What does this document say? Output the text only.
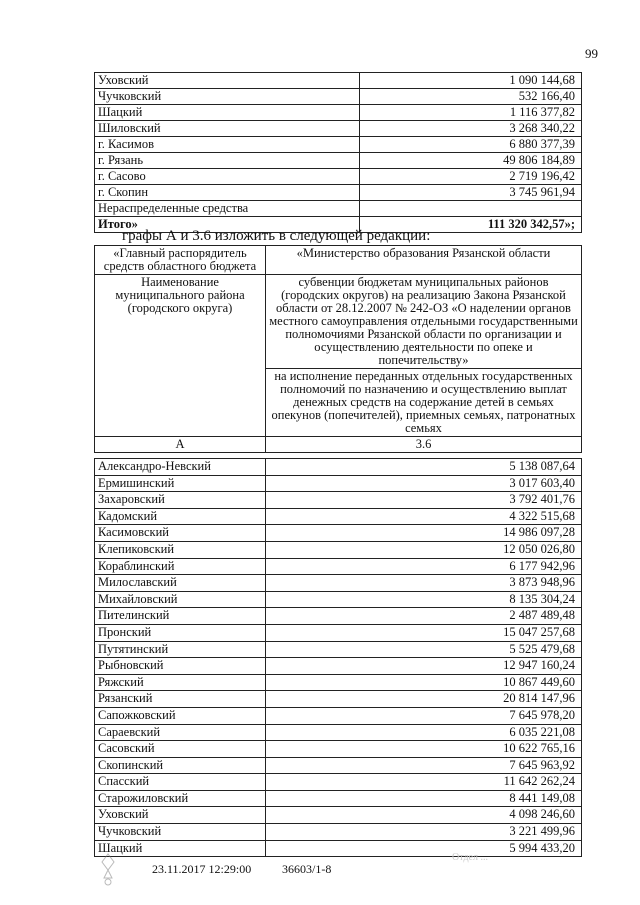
99
Уховский	1 090 144,68
Чучковский	532 166,40
Шацкий	1 116 377,82
Шиловский	3 268 340,22
г. Касимов	6 880 377,39
г. Рязань	49 806 184,89
г. Сасово	2 719 196,42
г. Скопин	3 745 961,94
Нераспределенные средства	
Итого»	111 320 342,57»;
графы А и 3.6 изложить в следующей редакции:
«Главный распорядитель средств областного бюджета	«Министерство образования Рязанской области
Наименование муниципального района (городского округа)	субвенции бюджетам муниципальных районов (городских округов) на реализацию Закона Рязанской области от 28.12.2007 № 242-ОЗ «О наделении органов местного самоуправления отдельными государственными полномочиями Рязанской области по организации и осуществлению деятельности по опеке и попечительству»
	на исполнение переданных отдельных государственных полномочий по назначению и осуществлению выплат денежных средств на содержание детей в семьях опекунов (попечителей), приемных семьях, патронатных семьях
А	3.6
Александро-Невский	5 138 087,64
Ермишинский	3 017 603,40
Захаровский	3 792 401,76
Кадомский	4 322 515,68
Касимовский	14 986 097,28
Клепиковский	12 050 026,80
Кораблинский	6 177 942,96
Милославский	3 873 948,96
Михайловский	8 135 304,24
Пителинский	2 487 489,48
Пронский	15 047 257,68
Путятинский	5 525 479,68
Рыбновский	12 947 160,24
Ряжский	10 867 449,60
Рязанский	20 814 147,96
Сапожковский	7 645 978,20
Сараевский	6 035 221,08
Сасовский	10 622 765,16
Скопинский	7 645 963,92
Спасский	11 642 262,24
Старожиловский	8 441 149,08
Уховский	4 098 246,60
Чучковский	3 221 499,96
Шацкий	5 994 433,20
23.11.2017 12:29:00	36603/1-8
Отдел ...
